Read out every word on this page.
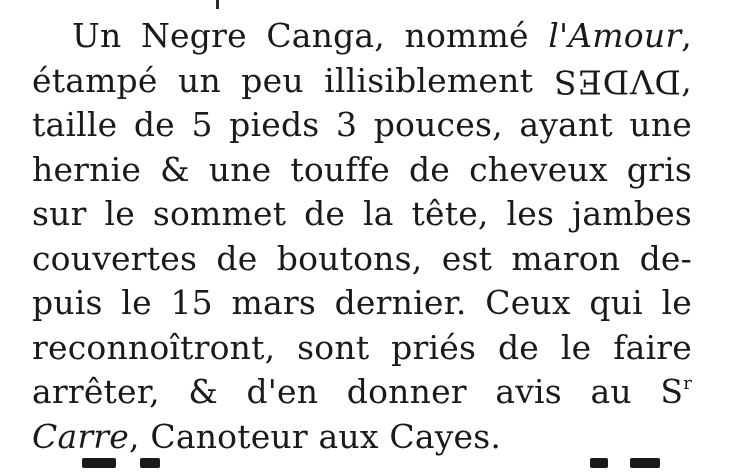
Un Negre Canga, nommé l'Amour,
étampé un peu illisiblement DVDES,
taille de 5 pieds 3 pouces, ayant une
hernie & une touffe de cheveux gris
sur le sommet de la tête, les jambes
couvertes de boutons, est maron de-
puis le 15 mars dernier. Ceux qui le
reconnoîtront, sont priés de le faire
arrêter, & d'en donner avis au $S^r$
Carre, Canoteur aux Cayes.
